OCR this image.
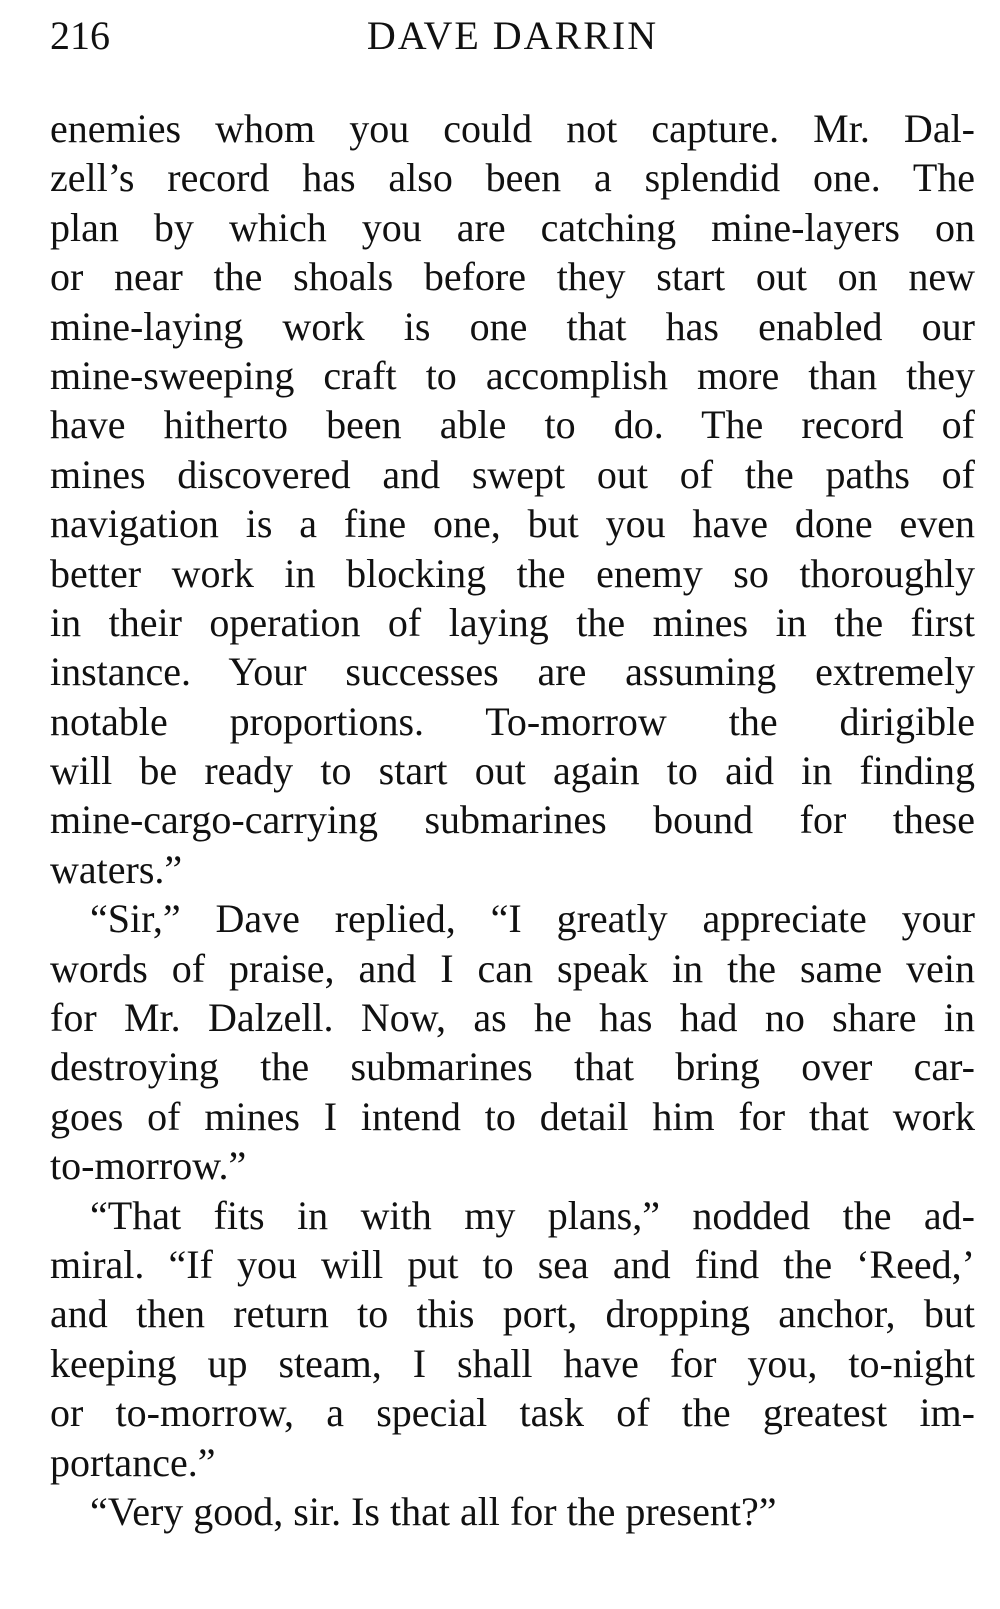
216	DAVE DARRIN
enemies whom you could not capture. Mr. Dal-
zell’s record has also been a splendid one. The
plan by which you are catching mine-layers on
or near the shoals before they start out on new
mine-laying work is one that has enabled our
mine-sweeping craft to accomplish more than they
have hitherto been able to do. The record of
mines discovered and swept out of the paths of
navigation is a fine one, but you have done even
better work in blocking the enemy so thoroughly
in their operation of laying the mines in the first
instance. Your successes are assuming extremely
notable proportions. To-morrow the dirigible
will be ready to start out again to aid in finding
mine-cargo-carrying submarines bound for these
waters.”
“Sir,” Dave replied, “I greatly appreciate your
words of praise, and I can speak in the same vein
for Mr. Dalzell. Now, as he has had no share in
destroying the submarines that bring over car-
goes of mines I intend to detail him for that work
to-morrow.”
“That fits in with my plans,” nodded the ad-
miral. “If you will put to sea and find the ‘Reed,’
and then return to this port, dropping anchor, but
keeping up steam, I shall have for you, to-night
or to-morrow, a special task of the greatest im-
portance.”
“Very good, sir. Is that all for the present?”
